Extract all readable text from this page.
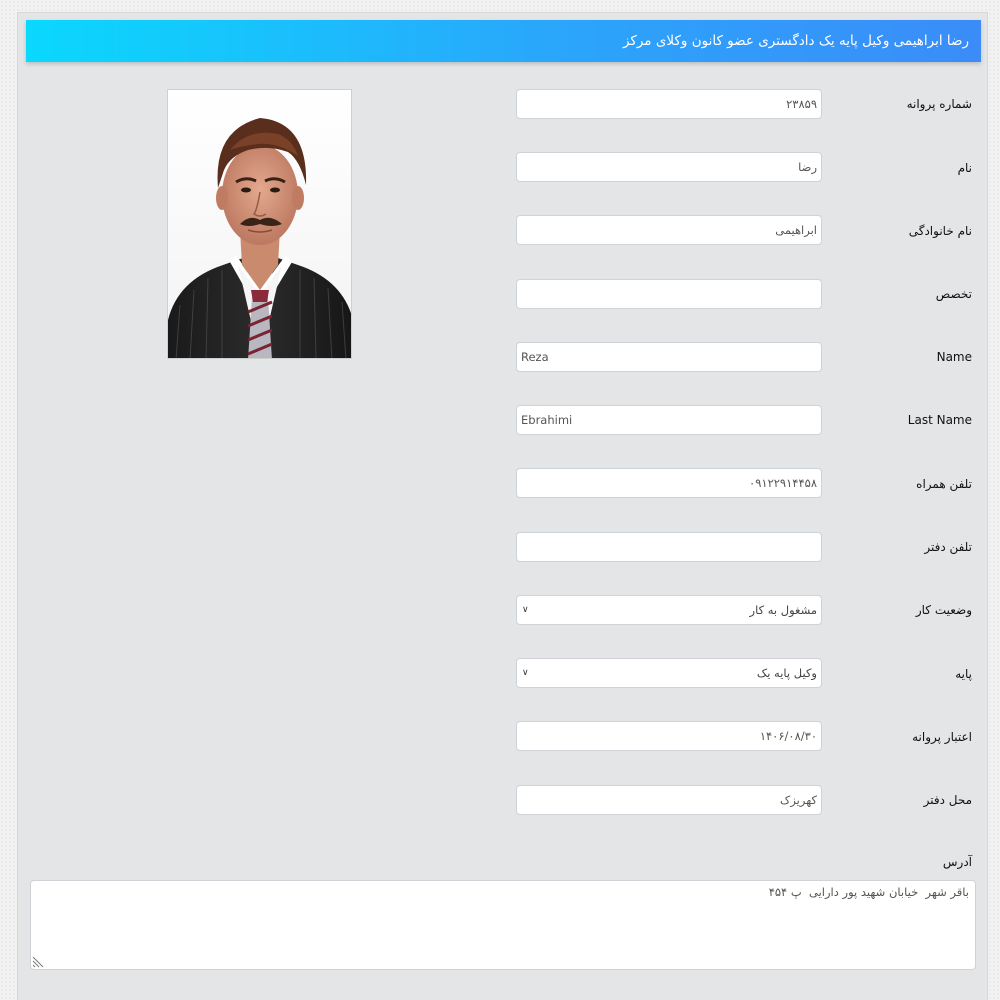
رضا ابراهیمی وکیل پایه یک دادگستری عضو کانون وکلای مرکز
شماره پروانه
۲۳۸۵۹
نام
رضا
نام خانوادگی
ابراهیمی
تخصص
Name
Reza
Last Name
Ebrahimi
تلفن همراه
۰۹۱۲۲۹۱۴۴۵۸
تلفن دفتر
وضعیت کار
مشغول به کار
∨
پایه
وکیل پایه یک
∨
اعتبار پروانه
۱۴۰۶/۰۸/۳۰
محل دفتر
کهریزک
آدرس
باقر شهر خیابان شهید پور دارایی پ ۴۵۴
